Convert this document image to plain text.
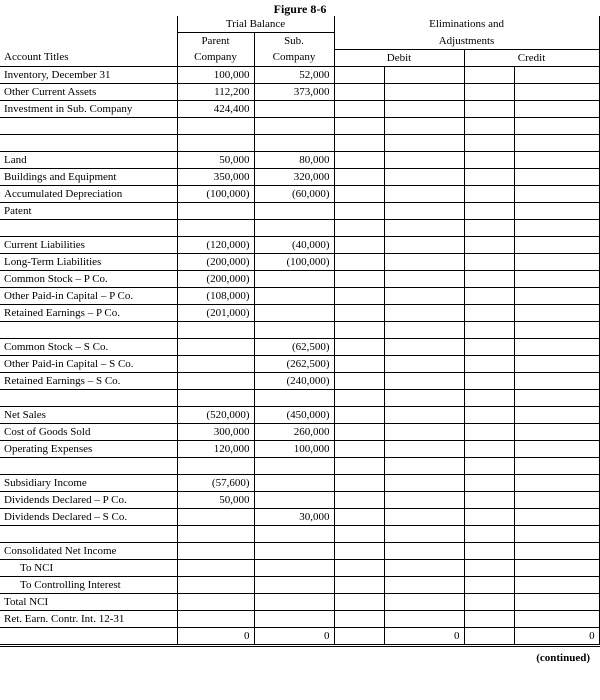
Figure 8-6
	Trial Balance		Eliminations and			
	Parent	Sub.	Adjustments			
Account Titles	Company	Company	Debit		Credit	
Inventory, December 31	100,000	52,000				
Other Current Assets	112,200	373,000				
Investment in Sub. Company	424,400					

Land	50,000	80,000				
Buildings and Equipment	350,000	320,000				
Accumulated Depreciation	(100,000)	(60,000)				
Patent						

Current Liabilities	(120,000)	(40,000)				
Long-Term Liabilities	(200,000)	(100,000)				
Common Stock – P Co.	(200,000)					
Other Paid-in Capital – P Co.	(108,000)					
Retained Earnings – P Co.	(201,000)					

Common Stock – S Co.		(62,500)				
Other Paid-in Capital – S Co.		(262,500)				
Retained Earnings – S Co.		(240,000)				

Net Sales	(520,000)	(450,000)				
Cost of Goods Sold	300,000	260,000				
Operating Expenses	120,000	100,000				

Subsidiary Income	(57,600)					
Dividends Declared – P Co.	50,000					
Dividends Declared – S Co.		30,000				

Consolidated Net Income						
To NCI						
To Controlling Interest						
Total NCI						
Ret. Earn. Contr. Int. 12-31						
	0	0		0		0
(continued)
